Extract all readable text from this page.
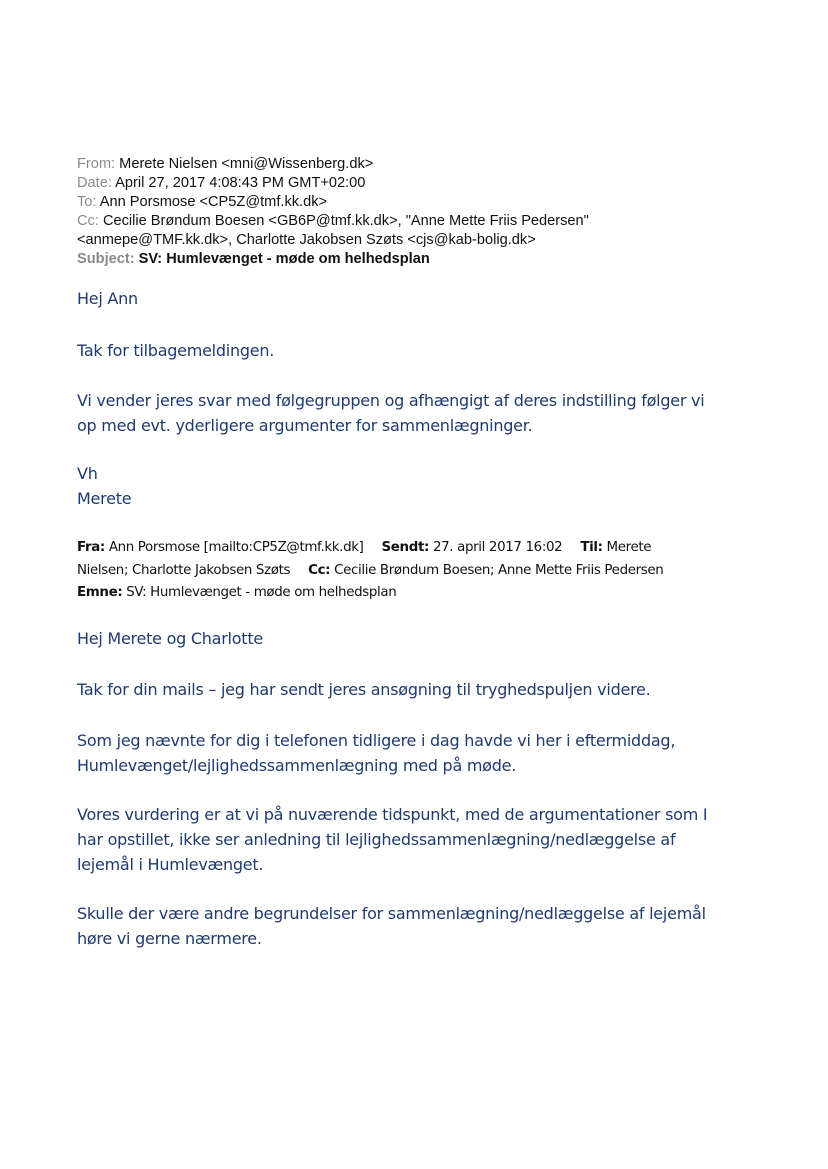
From: Merete Nielsen <mni@Wissenberg.dk>
Date: April 27, 2017 4:08:43 PM GMT+02:00
To: Ann Porsmose <CP5Z@tmf.kk.dk>
Cc: Cecilie Brøndum Boesen <GB6P@tmf.kk.dk>, "Anne Mette Friis Pedersen"
<anmepe@TMF.kk.dk>, Charlotte Jakobsen Szøts <cjs@kab-bolig.dk>
Subject: SV: Humlevænget - møde om helhedsplan

Hej Ann

Tak for tilbagemeldingen.

Vi vender jeres svar med følgegruppen og afhængigt af deres indstilling følger vi
op med evt. yderligere argumenter for sammenlægninger.
Vh
Merete
Fra: Ann Porsmose [mailto:CP5Z@tmf.kk.dk] Sendt: 27. april 2017 16:02 Til: Merete
Nielsen; Charlotte Jakobsen Szøts Cc: Cecilie Brøndum Boesen; Anne Mette Friis Pedersen
Emne: SV: Humlevænget - møde om helhedsplan

Hej Merete og Charlotte

Tak for din mails – jeg har sendt jeres ansøgning til tryghedspuljen videre.

Som jeg nævnte for dig i telefonen tidligere i dag havde vi her i eftermiddag,
Humlevænget/lejlighedssammenlægning med på møde.
Vores vurdering er at vi på nuværende tidspunkt, med de argumentationer som I
har opstillet, ikke ser anledning til lejlighedssammenlægning/nedlæggelse af
lejemål i Humlevænget.
Skulle der være andre begrundelser for sammenlægning/nedlæggelse af lejemål
høre vi gerne nærmere.
